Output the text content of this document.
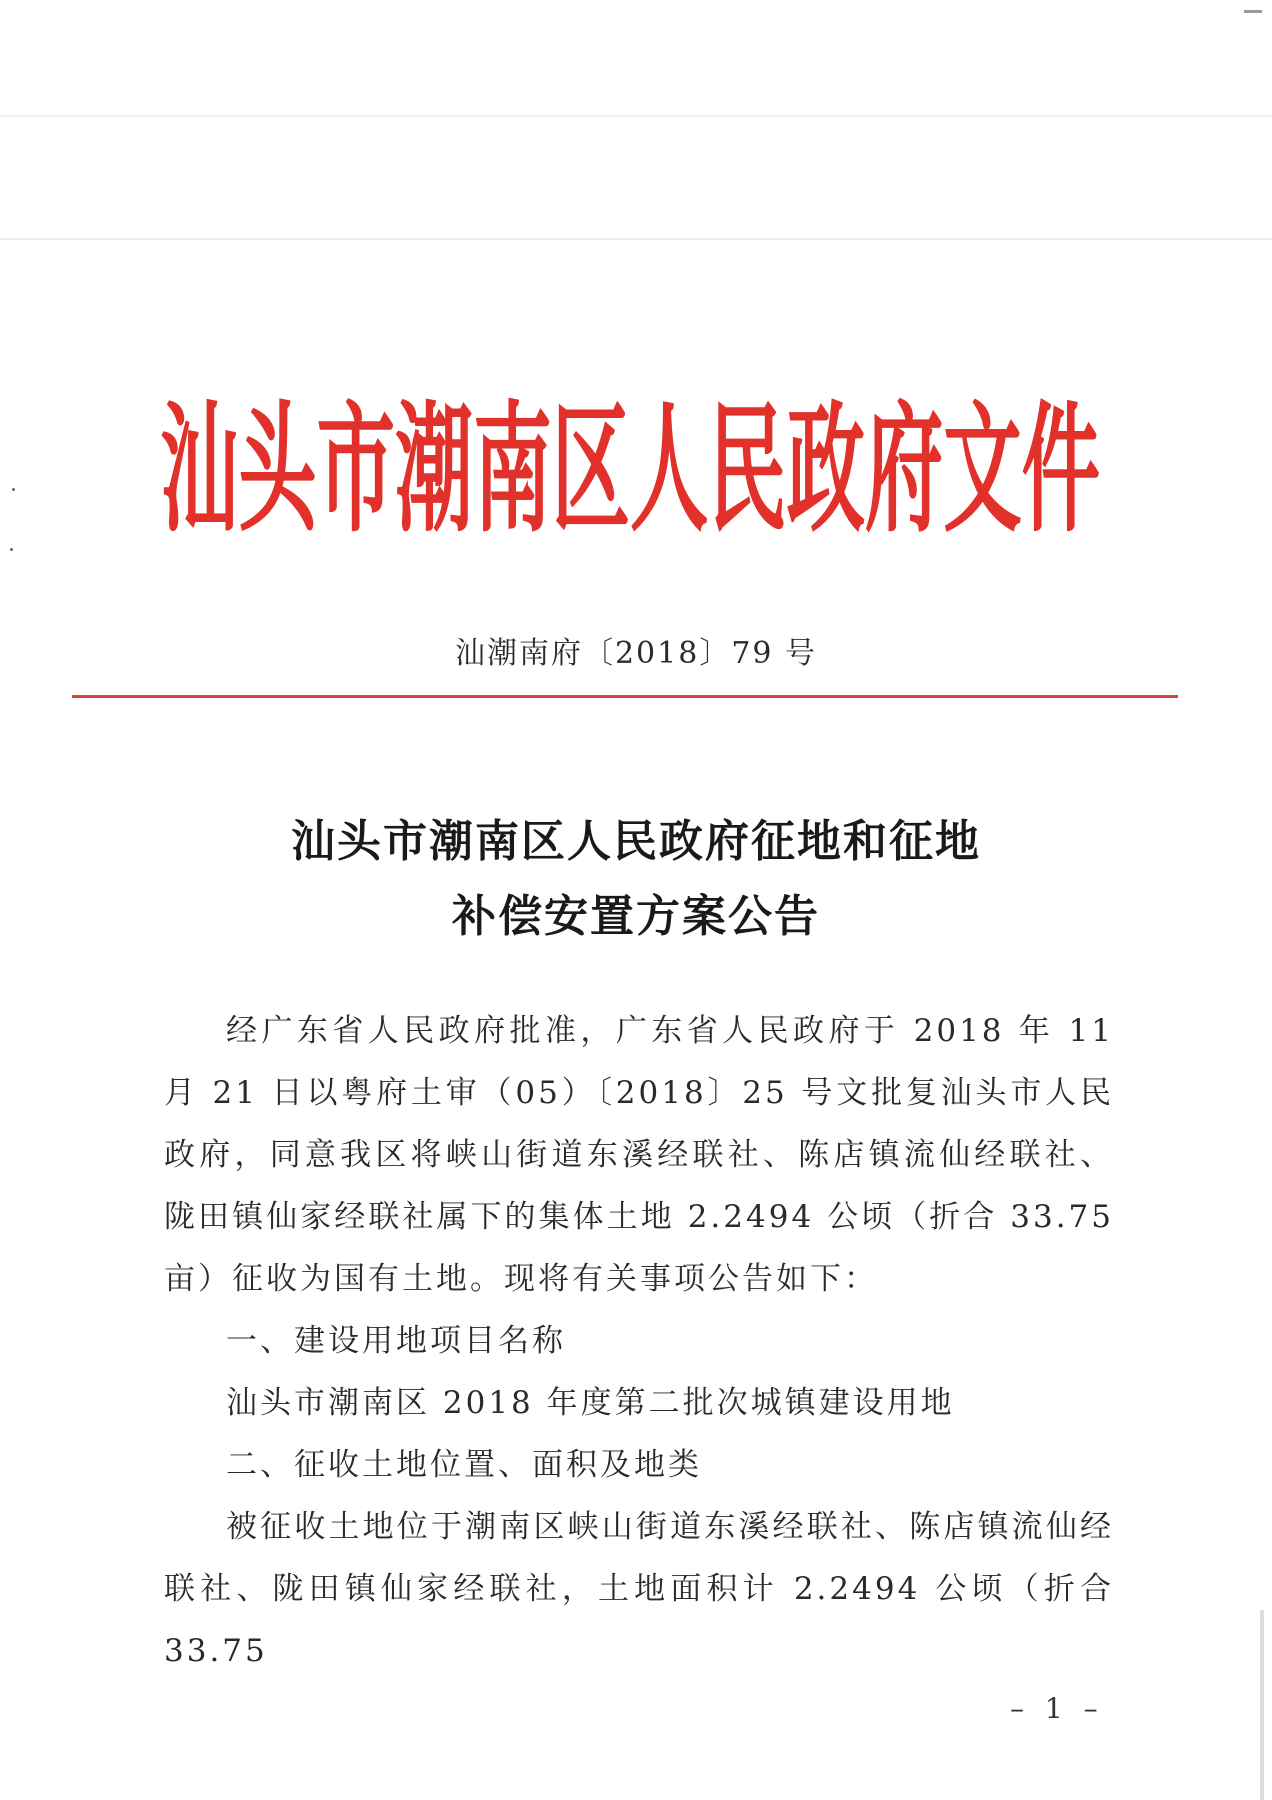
汕头市潮南区人民政府文件
汕潮南府〔2018〕79 号
汕头市潮南区人民政府征地和征地
补偿安置方案公告

经广东省人民政府批准，广东省人民政府于 2018 年 11 月 21 日以粤府土审（05）〔2018〕25 号文批复汕头市人民政府，同意我区将峡山街道东溪经联社、陈店镇流仙经联社、陇田镇仙家经联社属下的集体土地 2.2494 公顷（折合 33.75 亩）征收为国有土地。现将有关事项公告如下：

一、建设用地项目名称

汕头市潮南区 2018 年度第二批次城镇建设用地

二、征收土地位置、面积及地类

被征收土地位于潮南区峡山街道东溪经联社、陈店镇流仙经联社、陇田镇仙家经联社，土地面积计 2.2494 公顷（折合 33.75

– 1 –
